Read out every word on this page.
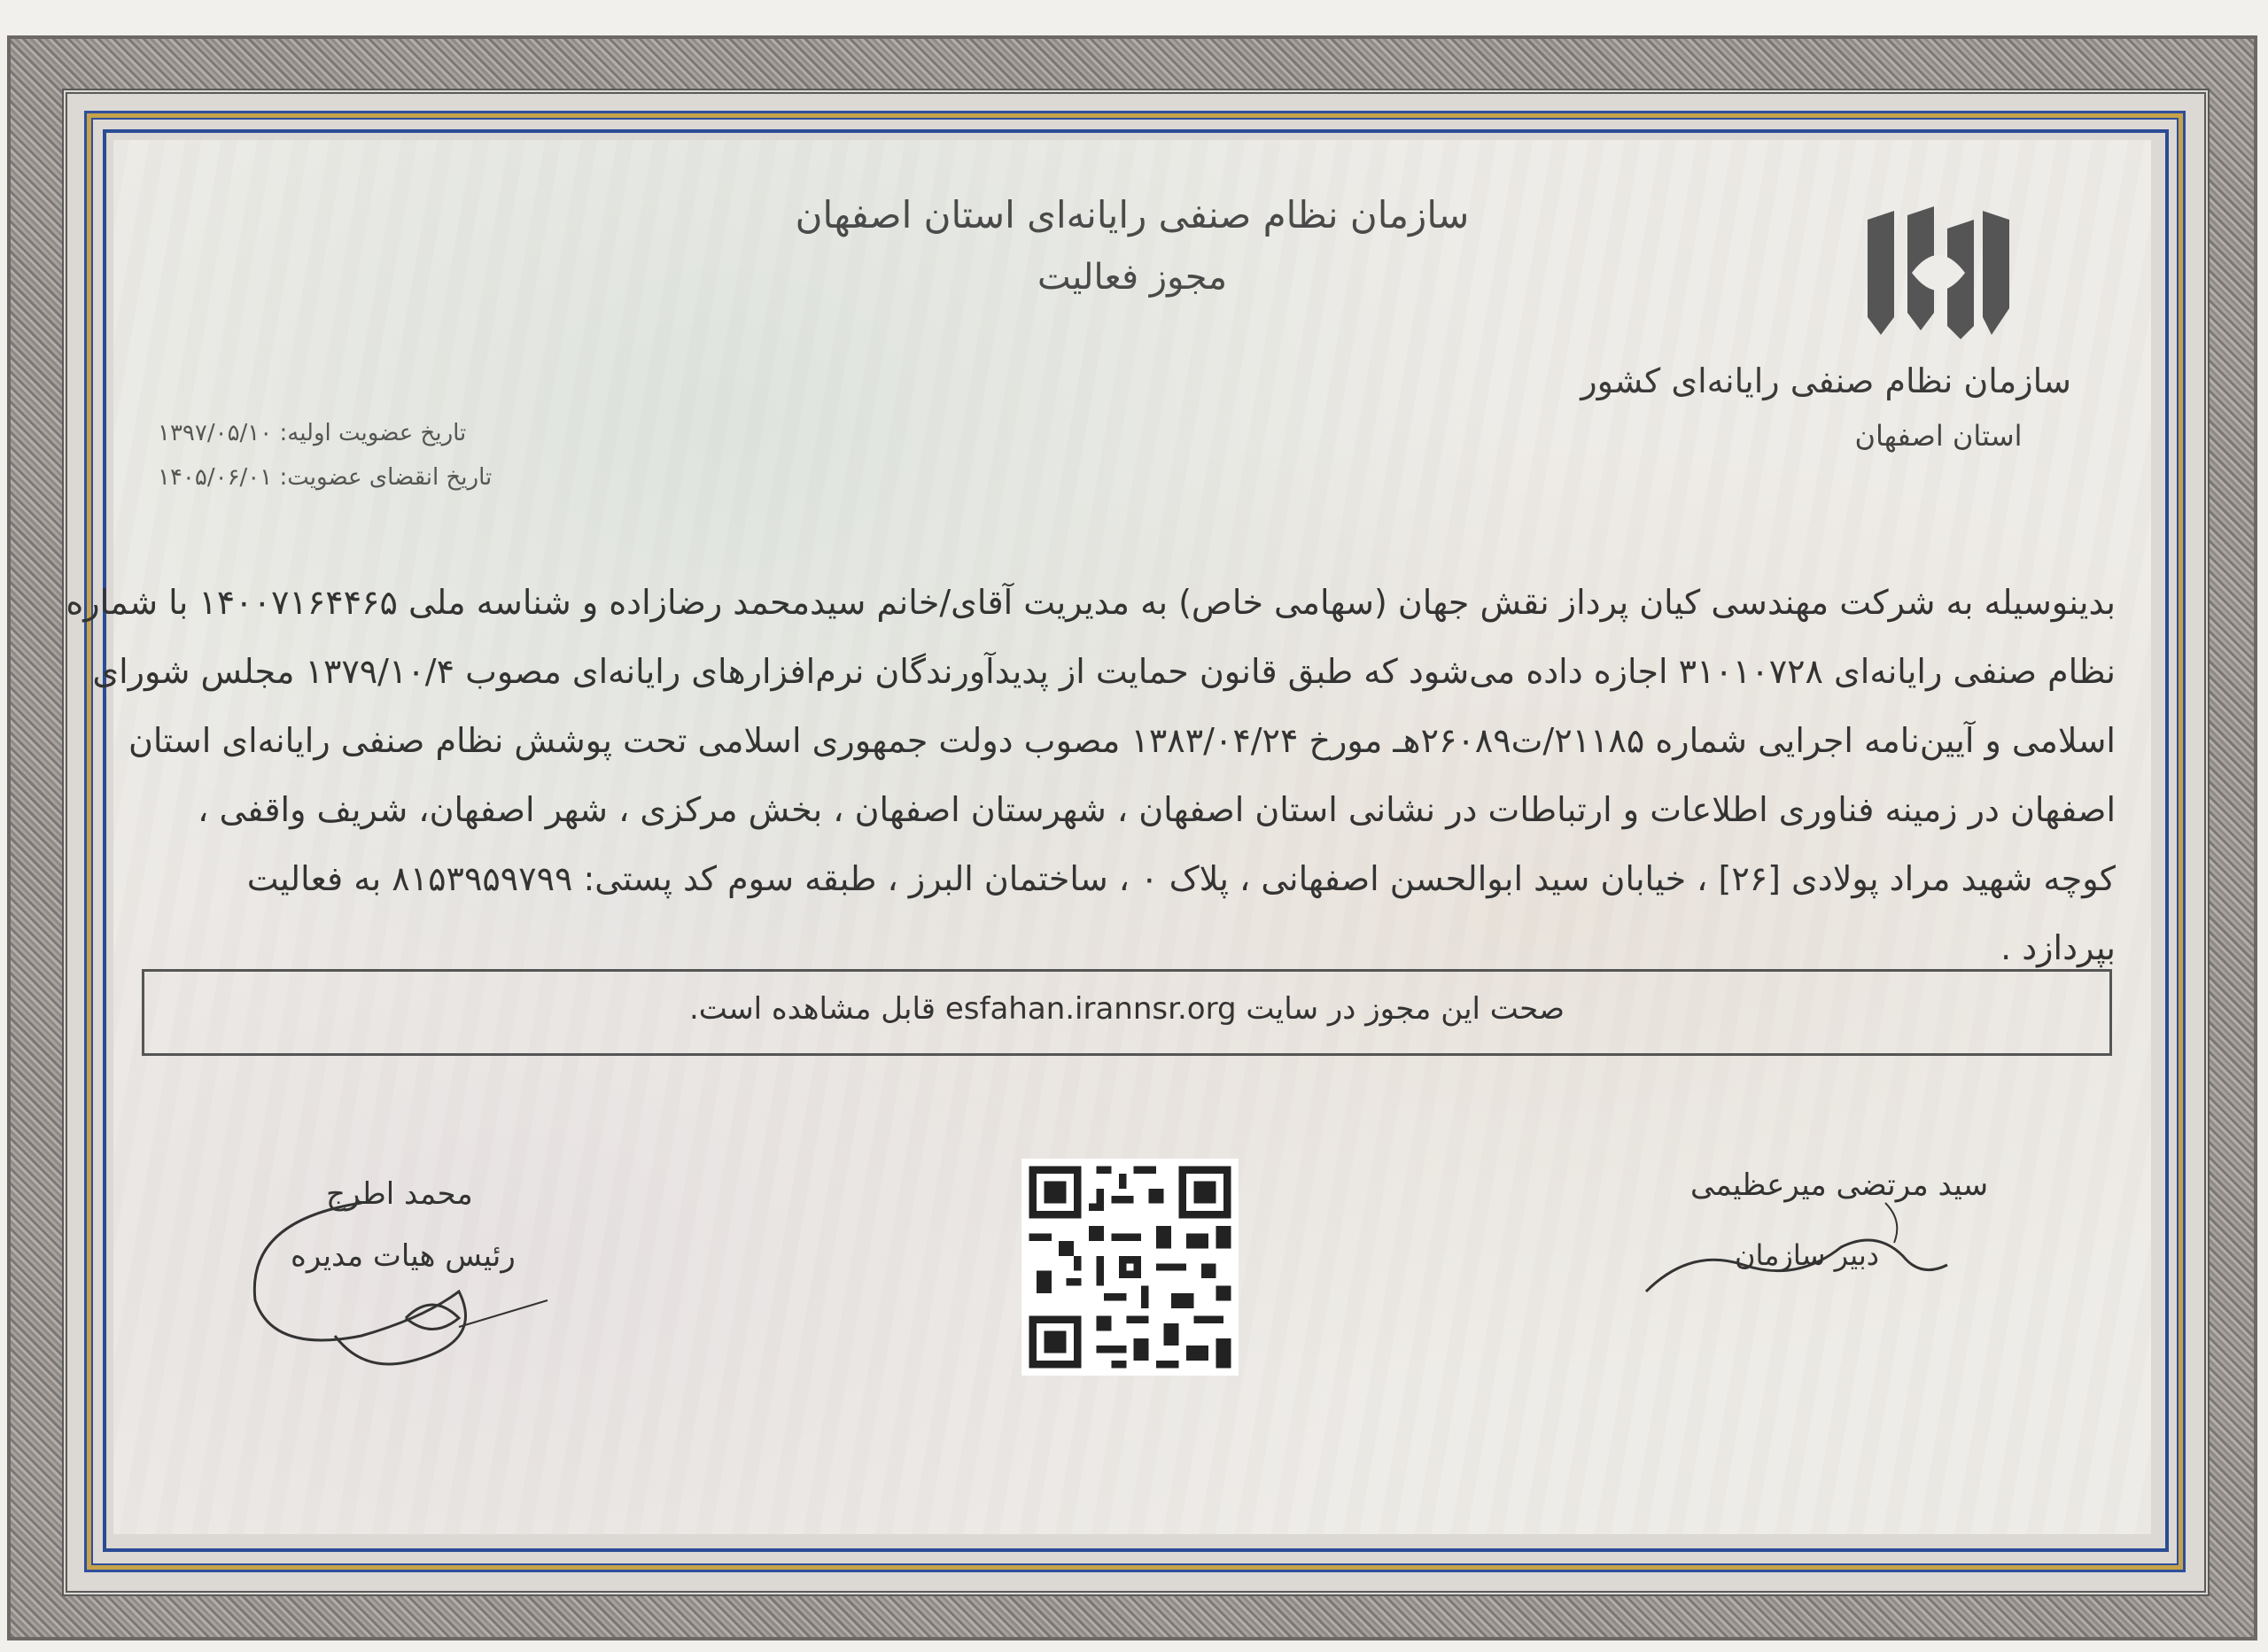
سازمان نظام صنفی رایانه‌ای استان اصفهان
مجوز فعالیت
سازمان نظام صنفی رایانه‌ای کشور
استان اصفهان
تاریخ عضویت اولیه: ۱۳۹۷/۰۵/۱۰
تاریخ انقضای عضویت: ۱۴۰۵/۰۶/۰۱
بدینوسیله به شرکت مهندسی کیان پرداز نقش جهان (سهامی خاص) به مدیریت آقای/خانم سیدمحمد رضازاده و شناسه ملی ۱۴۰۰۷۱۶۴۴۶۵ با شماره
نظام صنفی رایانه‌ای ۳۱۰۱۰۷۲۸ اجازه داده می‌شود که طبق قانون حمایت از پدیدآورندگان نرم‌افزارهای رایانه‌ای مصوب ۱۳۷۹/۱۰/۴ مجلس شورای
اسلامی و آیین‌نامه اجرایی شماره ۲۱۱۸۵/ت۲۶۰۸۹هـ مورخ ۱۳۸۳/۰۴/۲۴ مصوب دولت جمهوری اسلامی تحت پوشش نظام صنفی رایانه‌ای استان
اصفهان در زمینه فناوری اطلاعات و ارتباطات در نشانی استان اصفهان ، شهرستان اصفهان ، بخش مرکزی ، شهر اصفهان، شریف واقفی ،
کوچه شهید مراد پولادی [۲۶] ، خیابان سید ابوالحسن اصفهانی ، پلاک ۰ ، ساختمان البرز ، طبقه سوم کد پستی: ۸۱۵۳۹۵۹۷۹۹ به فعالیت
بپردازد .
صحت این مجوز در سایت esfahan.irannsr.org قابل مشاهده است.
سید مرتضی میرعظیمی
دبیر سازمان
محمد اطرج
رئیس هیات مدیره
